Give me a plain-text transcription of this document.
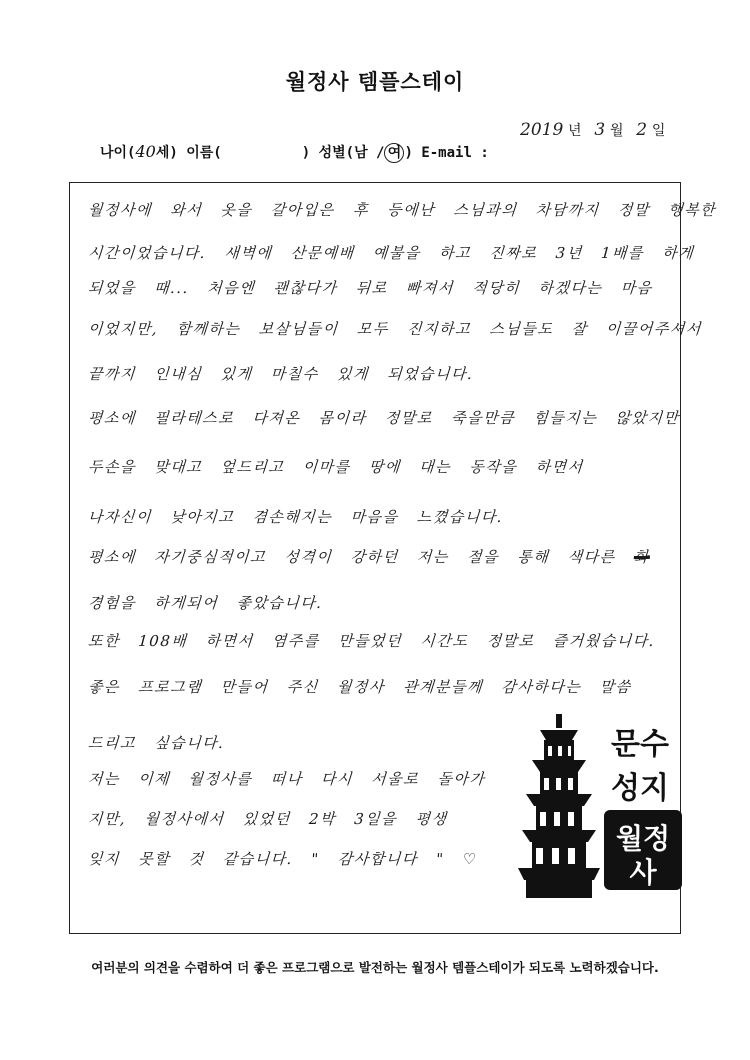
월정사 템플스테이
2019 년 3 월 2 일
나이(40세) 이름(	) 성별(남 / 여 ) E-mail :
월정사에 와서 옷을 갈아입은 후 등에난 스님과의 차담까지 정말 행복한
시간이었습니다. 새벽에 산문예배 예불을 하고 진짜로 3년 1배를 하게
되었을 때... 처음엔 괜찮다가 뒤로 빠져서 적당히 하겠다는 마음
이었지만, 함께하는 보살님들이 모두 진지하고 스님들도 잘 이끌어주셔서
끝까지 인내심 있게 마칠수 있게 되었습니다.
평소에 필라테스로 다져온 몸이라 정말로 죽을만큼 힘들지는 않았지만
두손을 맞대고 엎드리고 이마를 땅에 대는 동작을 하면서
나자신이 낮아지고 겸손해지는 마음을 느꼈습니다.
평소에 자기중심적이고 성격이 강하던 저는 절을 통해 색다른 화
경험을 하게되어 좋았습니다.
또한 108배 하면서 염주를 만들었던 시간도 정말로 즐거웠습니다.
좋은 프로그램 만들어 주신 월정사 관계분들께 감사하다는 말씀
드리고 싶습니다.
저는 이제 월정사를 떠나 다시 서울로 돌아가
지만, 월정사에서 있었던 2박 3일을 평생
잊지 못할 것 같습니다. " 감사합니다 " ♡
문수
성지
월정
사
여러분의 의견을 수렴하여 더 좋은 프로그램으로 발전하는 월정사 템플스테이가 되도록 노력하겠습니다.
